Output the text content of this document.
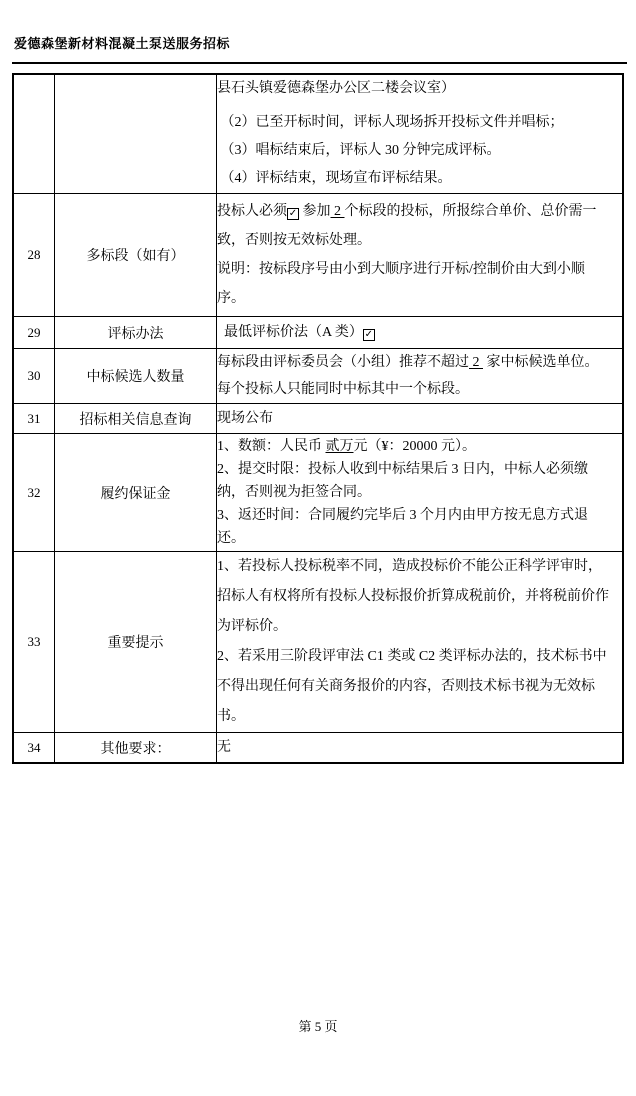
爱德森堡新材料混凝土泵送服务招标

		县石头镇爱德森堡办公区二楼会议室）
（2）已至开标时间，评标人现场拆开投标文件并唱标；
（3）唱标结束后，评标人 30 分钟完成评标。
（4）评标结束，现场宣布评标结果。

28	多标段（如有）	投标人必须 ✓ 参加 2 个标段的投标，所报综合单价、总价需一
致，否则按无效标处理。
说明：按标段序号由小到大顺序进行开标/控制价由大到小顺
序。

29	评标办法	最低评标价法（A 类） ✓

30	中标候选人数量	每标段由评标委员会（小组）推荐不超过 2  家中标候选单位。
每个投标人只能同时中标其中一个标段。

31	招标相关信息查询	现场公布

32	履约保证金	1、数额：人民币 贰万元（¥：20000 元）。
2、提交时限：投标人收到中标结果后 3 日内，中标人必须缴
纳，否则视为拒签合同。
3、返还时间：合同履约完毕后 3 个月内由甲方按无息方式退
还。

33	重要提示	
1、若投标人投标税率不同，造成投标价不能公正科学评审时，
招标人有权将所有投标人投标报价折算成税前价，并将税前价作
为评标价。
2、若采用三阶段评审法 C1 类或 C2 类评标办法的，技术标书中
不得出现任何有关商务报价的内容，否则技术标书视为无效标
书。

34	其他要求：	无
第 5 页
